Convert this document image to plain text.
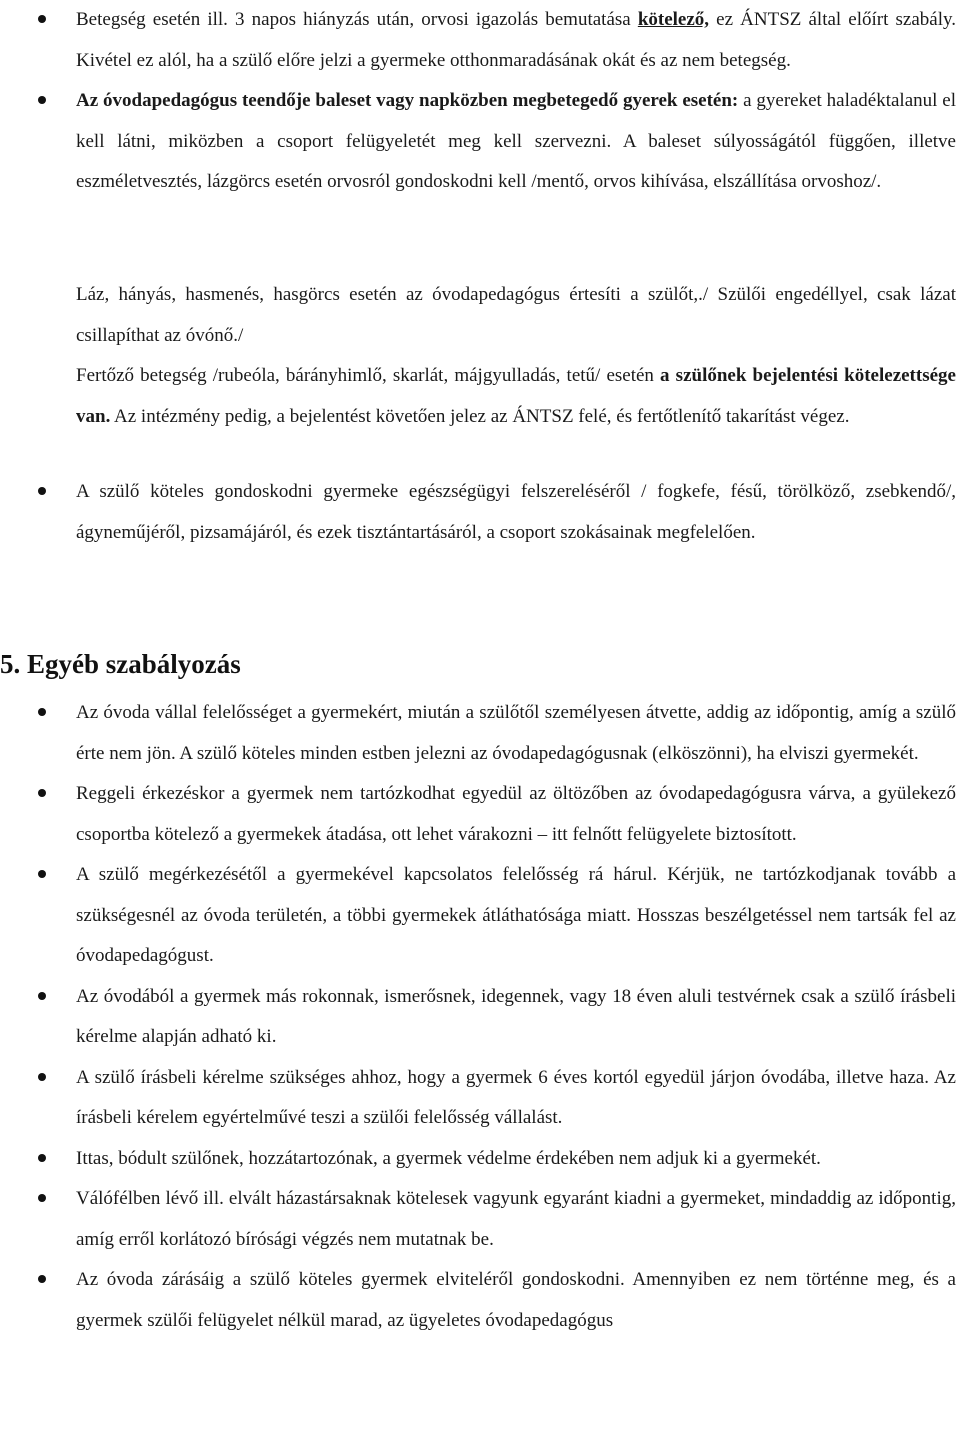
Betegség esetén ill. 3 napos hiányzás után, orvosi igazolás bemutatása kötelező, ez ÁNTSZ által előírt szabály. Kivétel ez alól, ha a szülő előre jelzi a gyermeke otthonmaradásának okát és az nem betegség.
Az óvodapedagógus teendője baleset vagy napközben megbetegedő gyerek esetén: a gyereket haladéktalanul el kell látni, miközben a csoport felügyeletét meg kell szervezni. A baleset súlyosságától függően, illetve eszméletvesztés, lázgörcs esetén orvosról gondoskodni kell /mentő, orvos kihívása, elszállítása orvoshoz/.

Láz, hányás, hasmenés, hasgörcs esetén az óvodapedagógus értesíti a szülőt,./ Szülői engedéllyel, csak lázat csillapíthat az óvónő./

Fertőző betegség /rubeóla, bárányhimlő, skarlát, májgyulladás, tetű/ esetén a szülőnek bejelentési kötelezettsége van. Az intézmény pedig, a bejelentést követően jelez az ÁNTSZ felé, és fertőtlenítő takarítást végez.

A szülő köteles gondoskodni gyermeke egészségügyi felszereléséről / fogkefe, fésű, törölköző, zsebkendő/, ágyneműjéről, pizsamájáról, és ezek tisztántartásáról, a csoport szokásainak megfelelően.
5. Egyéb szabályozás
Az óvoda vállal felelősséget a gyermekért, miután a szülőtől személyesen átvette, addig az időpontig, amíg a szülő érte nem jön. A szülő köteles minden estben jelezni az óvodapedagógusnak (elköszönni), ha elviszi gyermekét.
Reggeli érkezéskor a gyermek nem tartózkodhat egyedül az öltözőben az óvodapedagógusra várva, a gyülekező csoportba kötelező a gyermekek átadása, ott lehet várakozni – itt felnőtt felügyelete biztosított.
A szülő megérkezésétől a gyermekével kapcsolatos felelősség rá hárul. Kérjük, ne tartózkodjanak tovább a szükségesnél az óvoda területén, a többi gyermekek átláthatósága miatt. Hosszas beszélgetéssel nem tartsák fel az óvodapedagógust.
Az óvodából a gyermek más rokonnak, ismerősnek, idegennek, vagy 18 éven aluli testvérnek csak a szülő írásbeli kérelme alapján adható ki.
A szülő írásbeli kérelme szükséges ahhoz, hogy a gyermek 6 éves kortól egyedül járjon óvodába, illetve haza. Az írásbeli kérelem egyértelművé teszi a szülői felelősség vállalást.
Ittas, bódult szülőnek, hozzátartozónak, a gyermek védelme érdekében nem adjuk ki a gyermekét.
Válófélben lévő ill. elvált házastársaknak kötelesek vagyunk egyaránt kiadni a gyermeket, mindaddig az időpontig, amíg erről korlátozó bírósági végzés nem mutatnak be.
Az óvoda zárásáig a szülő köteles gyermek elviteléről gondoskodni. Amennyiben ez nem történne meg, és a gyermek szülői felügyelet nélkül marad, az ügyeletes óvodapedagógus
